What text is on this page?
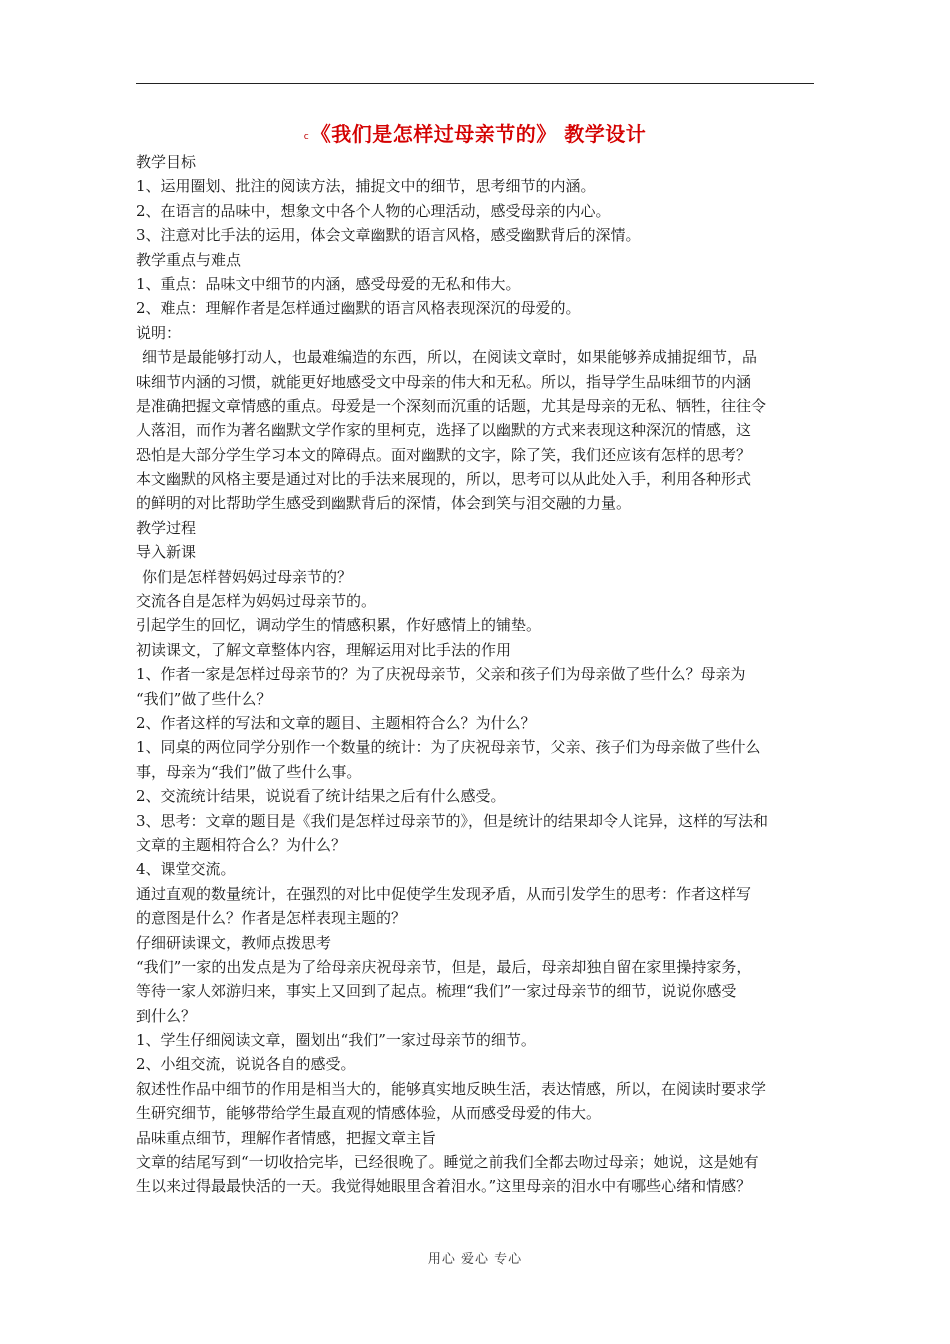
c 《我们是怎样过母亲节的》 教学设计
教学目标
1、运用圈划、批注的阅读方法，捕捉文中的细节，思考细节的内涵。
2、在语言的品味中，想象文中各个人物的心理活动，感受母亲的内心。
3、注意对比手法的运用，体会文章幽默的语言风格，感受幽默背后的深情。
教学重点与难点
1、重点：品味文中细节的内涵，感受母爱的无私和伟大。
2、难点：理解作者是怎样通过幽默的语言风格表现深沉的母爱的。
说明：
细节是最能够打动人，也最难编造的东西，所以，在阅读文章时，如果能够养成捕捉细节，品
味细节内涵的习惯，就能更好地感受文中母亲的伟大和无私。所以，指导学生品味细节的内涵
是准确把握文章情感的重点。母爱是一个深刻而沉重的话题，尤其是母亲的无私、牺牲，往往令
人落泪，而作为著名幽默文学作家的里柯克，选择了以幽默的方式来表现这种深沉的情感，这
恐怕是大部分学生学习本文的障碍点。面对幽默的文字，除了笑，我们还应该有怎样的思考？
本文幽默的风格主要是通过对比的手法来展现的，所以，思考可以从此处入手，利用各种形式
的鲜明的对比帮助学生感受到幽默背后的深情，体会到笑与泪交融的力量。
教学过程
导入新课
你们是怎样替妈妈过母亲节的？
交流各自是怎样为妈妈过母亲节的。
引起学生的回忆，调动学生的情感积累，作好感情上的铺垫。
初读课文，了解文章整体内容，理解运用对比手法的作用
1、作者一家是怎样过母亲节的？为了庆祝母亲节，父亲和孩子们为母亲做了些什么？母亲为
“我们”做了些什么？
2、作者这样的写法和文章的题目、主题相符合么？为什么？
1、同桌的两位同学分别作一个数量的统计：为了庆祝母亲节，父亲、孩子们为母亲做了些什么
事，母亲为“我们”做了些什么事。
2、交流统计结果，说说看了统计结果之后有什么感受。
3、思考：文章的题目是《我们是怎样过母亲节的》，但是统计的结果却令人诧异，这样的写法和
文章的主题相符合么？为什么？
4、课堂交流。
通过直观的数量统计，在强烈的对比中促使学生发现矛盾，从而引发学生的思考：作者这样写
的意图是什么？作者是怎样表现主题的？
仔细研读课文，教师点拨思考
“我们”一家的出发点是为了给母亲庆祝母亲节，但是，最后，母亲却独自留在家里操持家务，
等待一家人郊游归来，事实上又回到了起点。梳理“我们”一家过母亲节的细节，说说你感受
到什么？
1、学生仔细阅读文章，圈划出“我们”一家过母亲节的细节。
2、小组交流，说说各自的感受。
叙述性作品中细节的作用是相当大的，能够真实地反映生活，表达情感，所以，在阅读时要求学
生研究细节，能够带给学生最直观的情感体验，从而感受母爱的伟大。
品味重点细节，理解作者情感，把握文章主旨
文章的结尾写到“一切收拾完毕，已经很晚了。睡觉之前我们全都去吻过母亲；她说，这是她有
生以来过得最最快活的一天。我觉得她眼里含着泪水。”这里母亲的泪水中有哪些心绪和情感？
用心 爱心 专心
